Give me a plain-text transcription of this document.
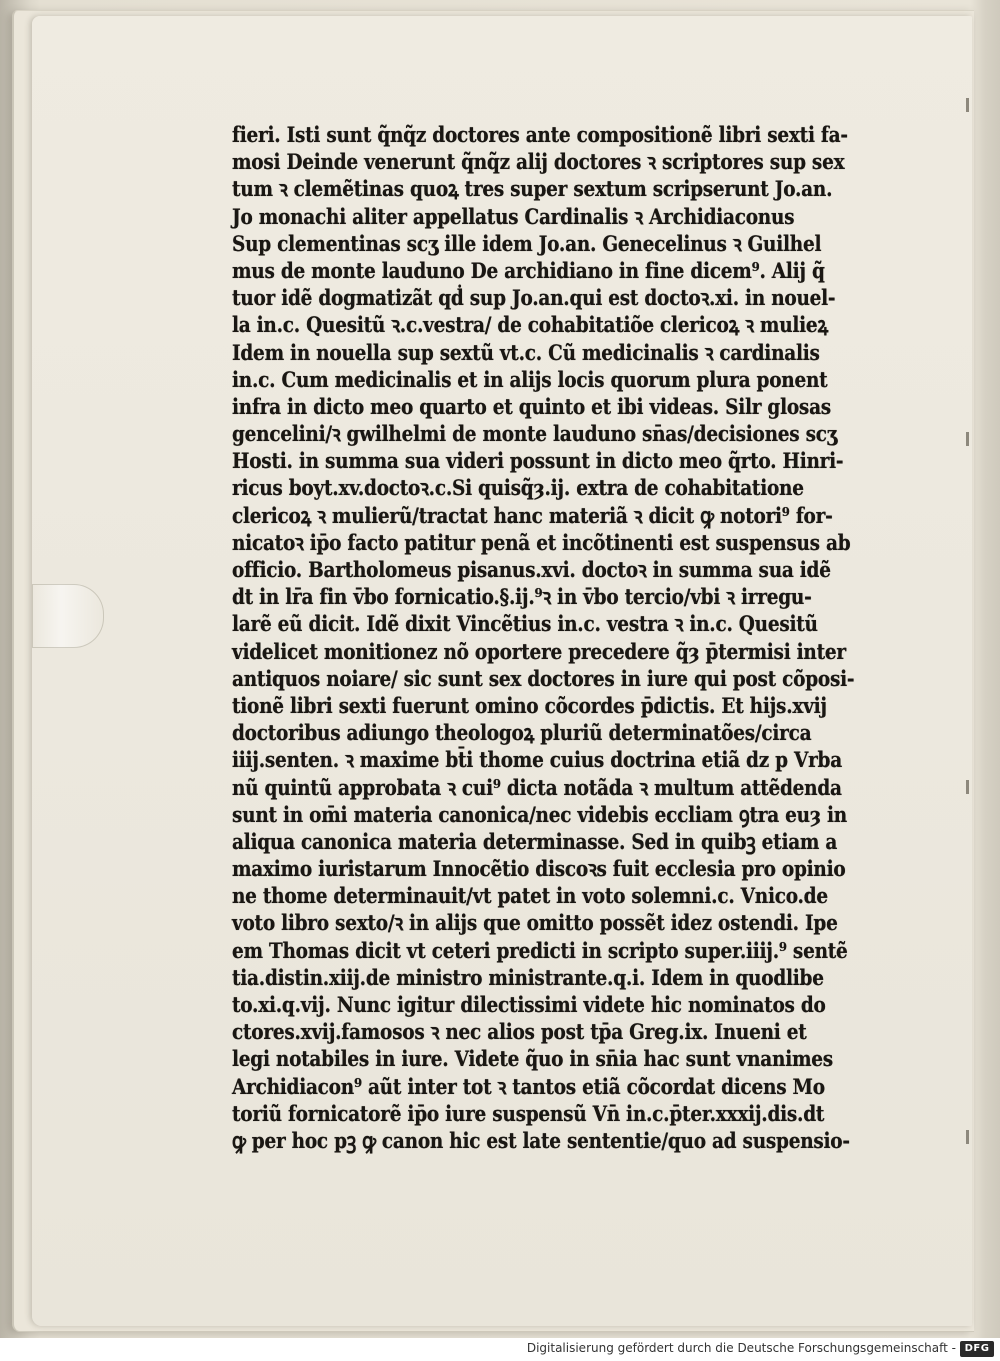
fieri. Isti sunt q̃nq̃z doctores ante compositionẽ libri sexti fa-
mosi Deinde venerunt q̃nq̃z alij doctores ꝛ scriptores sup sex
tum ꝛ clemẽtinas quoꝝ tres super sextum scripserunt Jo.an.
Jo monachi aliter appellatus Cardinalis ꝛ Archidiaconus
Sup clementinas scʒ ille idem Jo.an. Genecelinus ꝛ Guilhel
mus de monte lauduno De archidiano in fine dicem⁹. Alij q̃
tuor idẽ dogmatizãt qḋ sup Jo.an.qui est doctoꝛ.xi. in nouel-
la in.c. Quesitũ ꝛ.c.vestra/ de cohabitatiõe clericoꝝ ꝛ mulieꝝ
Idem in nouella sup sextũ vt.c. Cũ medicinalis ꝛ cardinalis
in.c. Cum medicinalis et in alijs locis quorum plura ponent
infra in dicto meo quarto et quinto et ibi videas. Silr glosas
gencelini/ꝛ gwilhelmi de monte lauduno sn̄as/decisiones scʒ
Hosti. in summa sua videri possunt in dicto meo q̃rto. Hinri-
ricus boyt.xv.doctoꝛ.c.Si quisq̃ȝ.ij. extra de cohabitatione
clericoꝝ ꝛ mulierũ/tractat hanc materiã ꝛ dicit ꝙ notori⁹ for-
nicatoꝛ ip̄o facto patitur penã et incõtinenti est suspensus ab
officio. Bartholomeus pisanus.xvi. doctoꝛ in summa sua idẽ
dt in lr̄a fin v̄bo fornicatio.§.ij.⁹ꝛ in v̄bo tercio/vbi ꝛ irregu-
larẽ eũ dicit. Idẽ dixit Vincẽtius in.c. vestra ꝛ in.c. Quesitũ
videlicet monitionez nõ oportere precedere q̃ȝ p̄termisi inter
antiquos noiare/ sic sunt sex doctores in iure qui post cõposi-
tionẽ libri sexti fuerunt omino cõcordes p̄dictis. Et hijs.xvij
doctoribus adiungo theologoꝝ pluriũ determinatões/circa
iiij.senten. ꝛ maxime bt̄i thome cuius doctrina etiã dz p Vrba
nũ quintũ approbata ꝛ cui⁹ dicta notãda ꝛ multum attẽdenda
sunt in om̄i materia canonica/nec videbis eccliam ꝯtra euȝ in
aliqua canonica materia determinasse. Sed in quibꝫ etiam a
maximo iuristarum Innocẽtio discoꝛs fuit ecclesia pro opinio
ne thome determinauit/vt patet in voto solemni.c. Vnico.de
voto libro sexto/ꝛ in alijs que omitto possẽt idez ostendi. Ipe
em Thomas dicit vt ceteri predicti in scripto super.iiij.⁹ sentẽ
tia.distin.xiij.de ministro ministrante.q.i. Idem in quodlibe
to.xi.q.vij. Nunc igitur dilectissimi videte hic nominatos do
ctores.xvij.famosos ꝛ nec alios post tp̄a Greg.ix. Inueni et
legi notabiles in iure. Videte q̃uo in sn̄ia hac sunt vnanimes
Archidiacon⁹ aũt inter tot ꝛ tantos etiã cõcordat dicens Mo
toriũ fornicatorẽ ip̄o iure suspensũ Vn̄ in.c.p̄ter.xxxij.dis.dt
ꝙ per hoc pꝫ ꝙ canon hic est late sententie/quo ad suspensio-
Digitalisierung gefördert durch die Deutsche Forschungsgemeinschaft - DFG
